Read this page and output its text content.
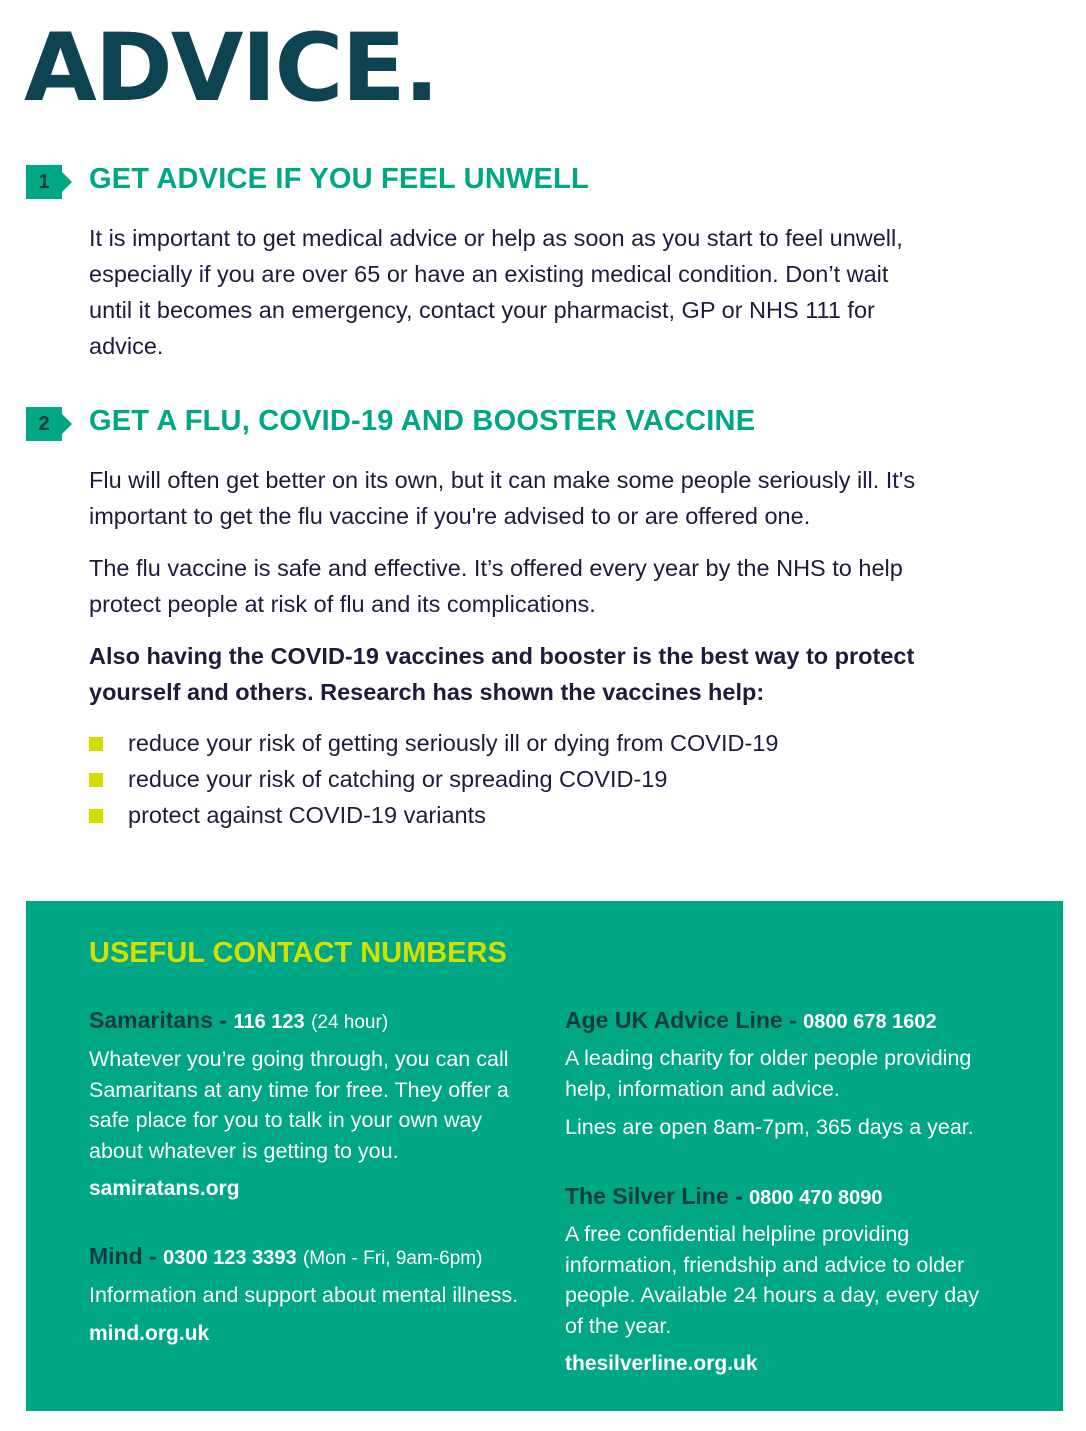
ADVICE.
1	GET ADVICE IF YOU FEEL UNWELL

It is important to get medical advice or help as soon as you start to feel unwell, especially if you are over 65 or have an existing medical condition. Don’t wait until it becomes an emergency, contact your pharmacist, GP or NHS 111 for advice.

2	GET A FLU, COVID-19 AND BOOSTER VACCINE

Flu will often get better on its own, but it can make some people seriously ill. It's important to get the flu vaccine if you're advised to or are offered one.

The flu vaccine is safe and effective. It’s offered every year by the NHS to help protect people at risk of flu and its complications.

Also having the COVID-19 vaccines and booster is the best way to protect yourself and others. Research has shown the vaccines help:

reduce your risk of getting seriously ill or dying from COVID-19
reduce your risk of catching or spreading COVID-19
protect against COVID-19 variants
USEFUL CONTACT NUMBERS

Samaritans - 116 123 (24 hour)

Whatever you’re going through, you can call Samaritans at any time for free. They offer a safe place for you to talk in your own way about whatever is getting to you.

samiratans.org

Mind - 0300 123 3393 (Mon - Fri, 9am-6pm)

Information and support about mental illness.

mind.org.uk

Age UK Advice Line - 0800 678 1602

A leading charity for older people providing help, information and advice.

Lines are open 8am-7pm, 365 days a year.

The Silver Line - 0800 470 8090

A free confidential helpline providing information, friendship and advice to older people. Available 24 hours a day, every day of the year.

thesilverline.org.uk
